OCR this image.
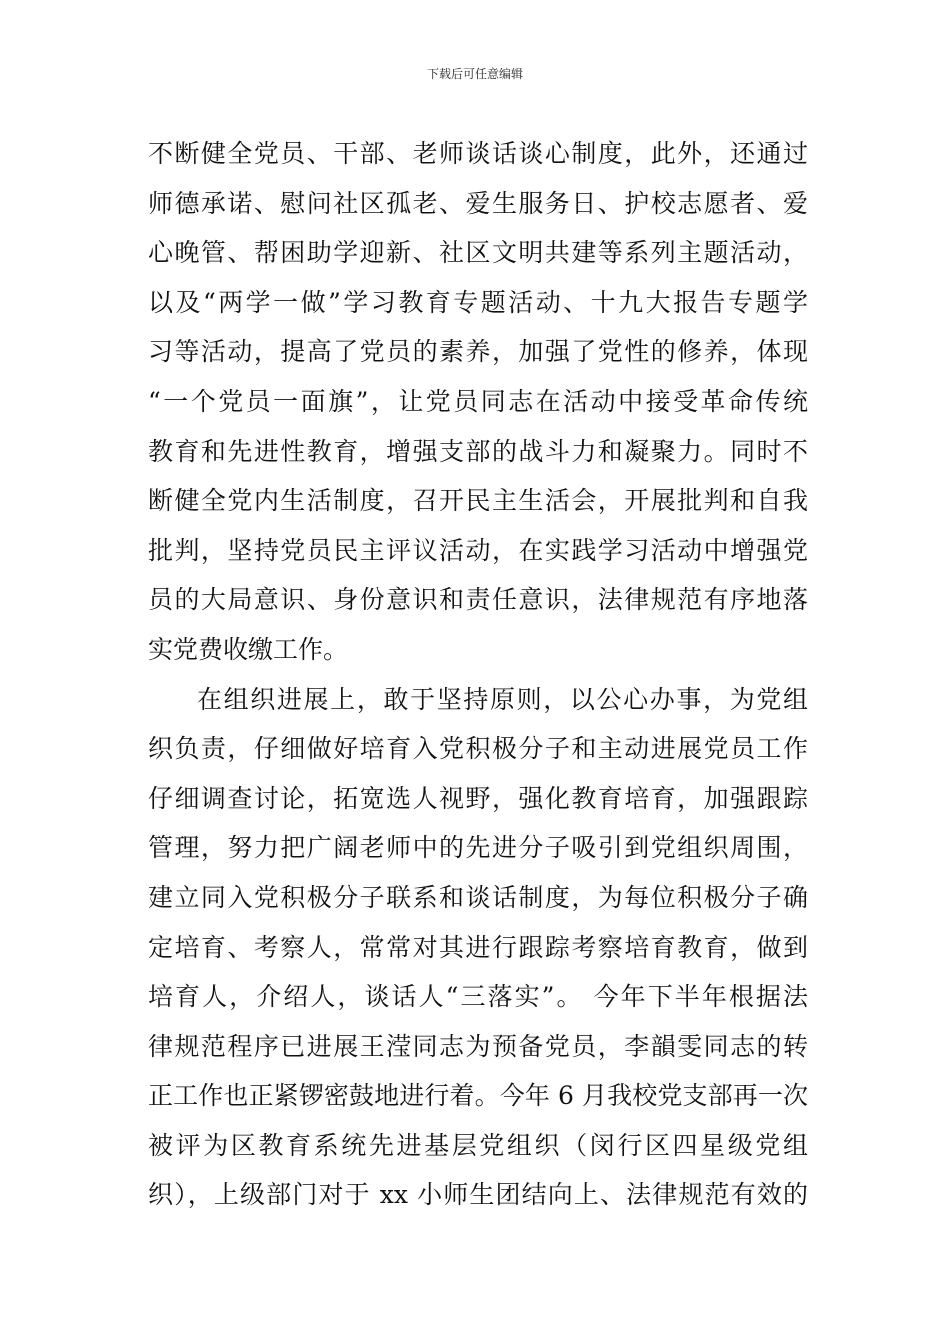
下载后可任意编辑
不断健全党员、干部、老师谈话谈心制度，此外，还通过
师德承诺、慰问社区孤老、爱生服务日、护校志愿者、爱
心晚管、帮困助学迎新、社区文明共建等系列主题活动，
以及“两学一做”学习教育专题活动、十九大报告专题学
习等活动，提高了党员的素养，加强了党性的修养，体现
“一个党员一面旗”，让党员同志在活动中接受革命传统
教育和先进性教育，增强支部的战斗力和凝聚力。同时不
断健全党内生活制度，召开民主生活会，开展批判和自我
批判，坚持党员民主评议活动，在实践学习活动中增强党
员的大局意识、身份意识和责任意识，法律规范有序地落
实党费收缴工作。
在组织进展上，敢于坚持原则，以公心办事，为党组
织负责，仔细做好培育入党积极分子和主动进展党员工作
仔细调查讨论，拓宽选人视野，强化教育培育，加强跟踪
管理，努力把广阔老师中的先进分子吸引到党组织周围，
建立同入党积极分子联系和谈话制度，为每位积极分子确
定培育、考察人，常常对其进行跟踪考察培育教育，做到
培育人，介绍人，谈话人“三落实”。 今年下半年根据法
律规范程序已进展王滢同志为预备党员，李韻雯同志的转
正工作也正紧锣密鼓地进行着。今年 6 月我校党支部再一次
被评为区教育系统先进基层党组织（闵行区四星级党组
织），上级部门对于 xx 小师生团结向上、法律规范有效的
